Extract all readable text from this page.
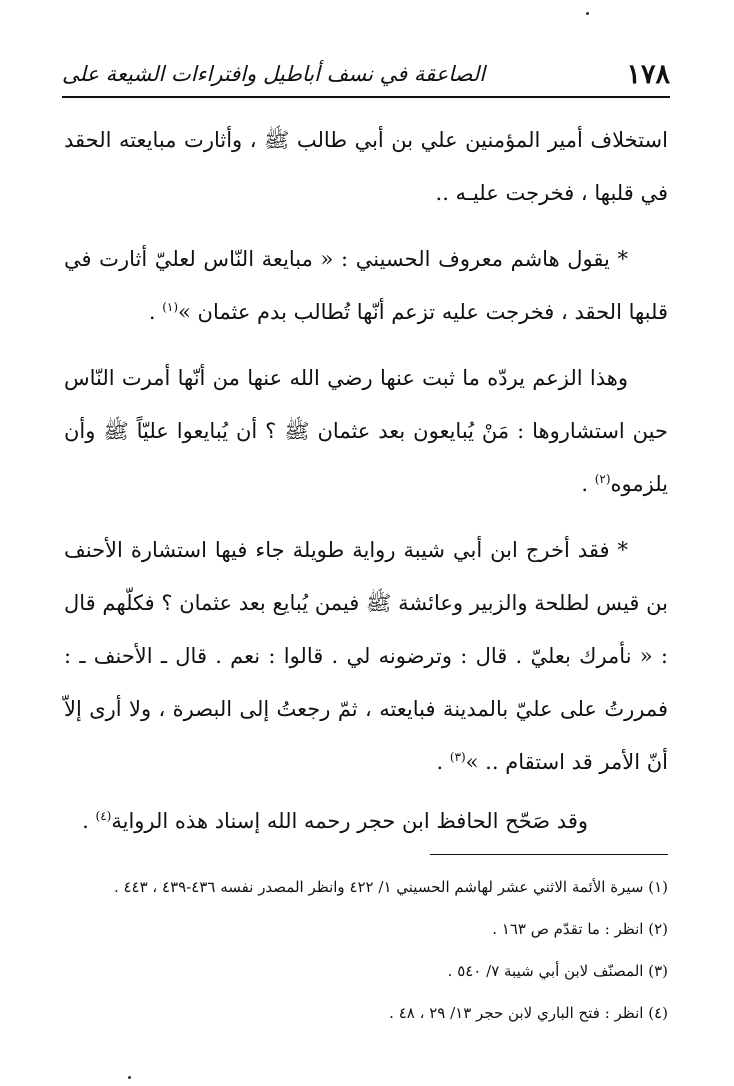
١٧٨
الصاعقة في نسف أباطيل وافتراءات الشيعة على

استخلاف أمير المؤمنين علي بن أبي طالب ﷺ ، وأثارت مبايعته الحقد في قلبها ، فخرجت عليـه ..

* يقول هاشم معروف الحسيني : « مبايعة النّاس لعليّ أثارت في قلبها الحقد ، فخرجت عليه تزعم أنّها تُطالب بدم عثمان »$^{(١)}$ .

وهذا الزعم يردّه ما ثبت عنها رضي الله عنها من أنّها أمرت النّاس حين استشاروها : مَنْ يُبايعون بعد عثمان ﷺ ؟ أن يُبايعوا عليّاً ﷺ وأن يلزموه$^{(٢)}$ .

* فقد أخرج ابن أبي شيبة رواية طويلة جاء فيها استشارة الأحنف بن قيس لطلحة والزبير وعائشة ﷺ فيمن يُبايع بعد عثمان ؟ فكلّهم قال : « نأمرك بعليّ . قال : وترضونه لي . قالوا : نعم . قال ـ الأحنف ـ : فمررتُ على عليّ بالمدينة فبايعته ، ثمّ رجعتُ إلى البصرة ، ولا أرى إلاّ أنّ الأمر قد استقام .. »$^{(٣)}$ .

وقد صَحّح الحافظ ابن حجر رحمه الله إسناد هذه الرواية$^{(٤)}$ .

(١) سيرة الأئمة الاثني عشر لهاشم الحسيني ١/ ٤٢٢ وانظر المصدر نفسه ٤٣٦-٤٣٩ ، ٤٤٣ .
(٢) انظر : ما تقدّم ص ١٦٣ .
(٣) المصنّف لابن أبي شيبة ٧/ ٥٤٠ .
(٤) انظر : فتح الباري لابن حجر ١٣/ ٢٩ ، ٤٨ .
